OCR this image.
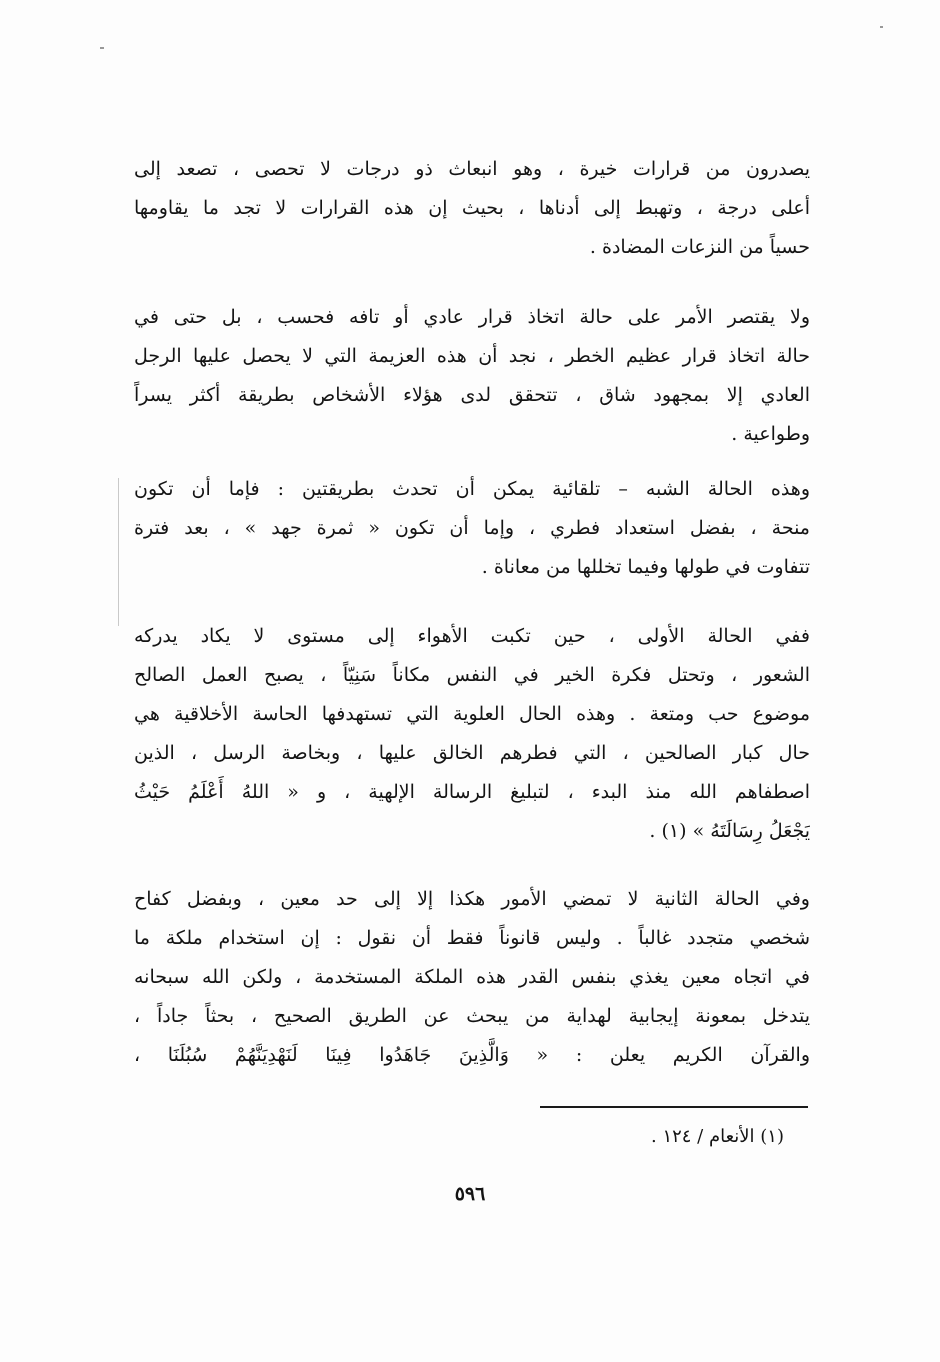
يصدرون من قرارات خيرة ، وهو انبعاث ذو درجات لا تحصى ، تصعد إلى
أعلى درجة ، وتهبط إلى أدناها ، بحيث إن هذه القرارات لا تجد ما يقاومها
حسياً من النزعات المضادة .
ولا يقتصر الأمر على حالة اتخاذ قرار عادي أو تافه فحسب ، بل حتى في
حالة اتخاذ قرار عظيم الخطر ، نجد أن هذه العزيمة التي لا يحصل عليها الرجل
العادي إلا بمجهود شاق ، تتحقق لدى هؤلاء الأشخاص بطريقة أكثر يسراً
وطواعية .
وهذه الحالة الشبه – تلقائية يمكن أن تحدث بطريقتين : فإما أن تكون
منحة ، بفضل استعداد فطري ، وإما أن تكون « ثمرة جهد » ، بعد فترة
تتفاوت في طولها وفيما تخللها من معاناة .
ففي الحالة الأولى ، حين تكبت الأهواء إلى مستوى لا يكاد يدركه
الشعور ، وتحتل فكرة الخير في النفس مكاناً سَنِيّاً ، يصبح العمل الصالح
موضوع حب ومتعة . وهذه الحال العلوية التي تستهدفها الحاسة الأخلاقية هي
حال كبار الصالحين ، التي فطرهم الخالق عليها ، وبخاصة الرسل ، الذين
اصطفاهم الله منذ البدء ، لتبليغ الرسالة الإلهية ، و « اللهُ أَعْلَمُ حَيْثُ
يَجْعَلُ رِسَالَتَهُ » (١) .
وفي الحالة الثانية لا تمضي الأمور هكذا إلا إلى حد معين ، وبفضل كفاح
شخصي متجدد غالباً . وليس قانوناً فقط أن نقول : إن استخدام ملكة ما
في اتجاه معين يغذي بنفس القدر هذه الملكة المستخدمة ، ولكن الله سبحانه
يتدخل بمعونة إيجابية لهداية من يبحث عن الطريق الصحيح ، بحثاً جاداً ،
والقرآن الكريم يعلن : « وَالَّذِينَ جَاهَدُوا فِينَا لَنَهْدِيَنَّهُمْ سُبُلَنَا ،
(١) الأنعام / ١٢٤ .
٥٩٦
